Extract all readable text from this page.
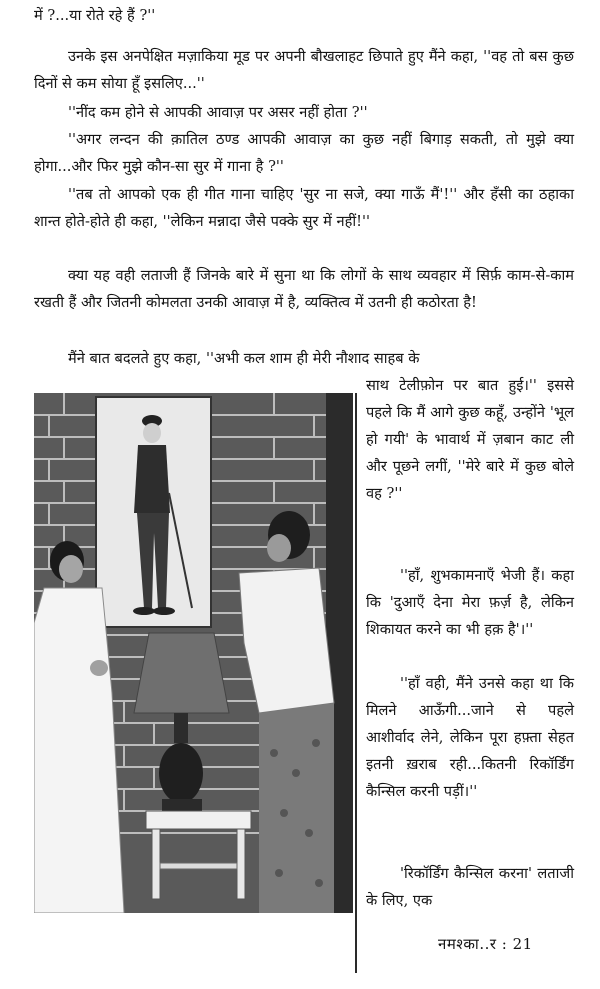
में ?...या रोते रहे हैं ?''

उनके इस अनपेक्षित मज़ाकिया मूड पर अपनी बौखलाहट छिपाते हुए मैंने कहा, ''वह तो बस कुछ दिनों से कम सोया हूँ इसलिए...''

''नींद कम होने से आपकी आवाज़ पर असर नहीं होता ?''

''अगर लन्दन की क़ातिल ठण्ड आपकी आवाज़ का कुछ नहीं बिगाड़ सकती, तो मुझे क्या होगा...और फिर मुझे कौन-सा सुर में गाना है ?''

''तब तो आपको एक ही गीत गाना चाहिए 'सुर ना सजे, क्या गाऊँ मैं'!'' और हँसी का ठहाका शान्त होते-होते ही कहा, ''लेकिन मन्नादा जैसे पक्के सुर में नहीं!''

क्या यह वही लताजी हैं जिनके बारे में सुना था कि लोगों के साथ व्यवहार में सिर्फ़ काम-से-काम रखती हैं और जितनी कोमलता उनकी आवाज़ में है, व्यक्तित्व में उतनी ही कठोरता है!

मैंने बात बदलते हुए कहा, ''अभी कल शाम ही मेरी नौशाद साहब के

साथ टेलीफ़ोन पर बात हुई।'' इससे पहले कि मैं आगे कुछ कहूँ, उन्होंने 'भूल हो गयी' के भावार्थ में ज़बान काट ली और पूछने लगीं, ''मेरे बारे में कुछ बोले वह ?''

''हाँ, शुभकामनाएँ भेजी हैं। कहा कि 'दुआएँ देना मेरा फ़र्ज़ है, लेकिन शिकायत करने का भी हक़ है'।''

''हाँ वही, मैंने उनसे कहा था कि मिलने आऊँगी...जाने से पहले आशीर्वाद लेने, लेकिन पूरा हफ़्ता सेहत इतनी ख़राब रही...कितनी रिकॉर्डिंग कैन्सिल करनी पड़ीं।''

'रिकॉर्डिंग कैन्सिल करना' लताजी के लिए, एक

नमश्का..र : 21
